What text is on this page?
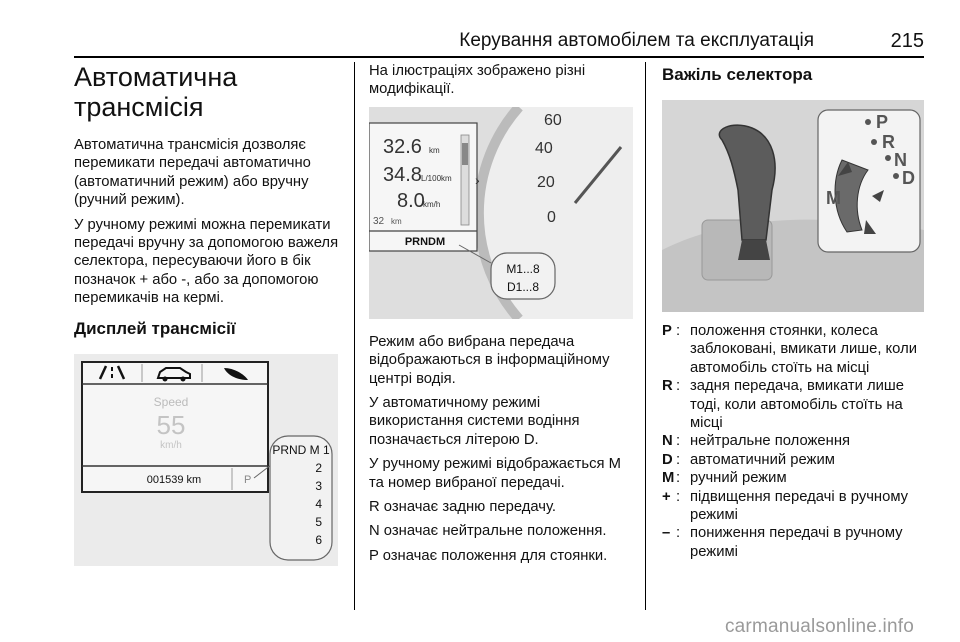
Керування автомобілем та експлуатація	215
Автоматична трансмісія

Автоматична трансмісія дозволяє перемикати передачі автоматично (автоматичний режим) або вручну (ручний режим).

У ручному режимі можна перемикати передачі вручну за допомогою важеля селектора, пересуваючи його в бік позначок + або -, або за допомогою перемикачів на кермі.

Дисплей трансмісії
Speed
55
km/h
001539 km	P
PRND M 1
2
3
4
5
6

На ілюстраціях зображено різні модифікації.

0
20
40
60
32.6 km
34.8 L/100km
8.0
km/h
32 km
›
PRNDM
M1...8
D1...8

Режим або вибрана передача відображаються в інформаційному центрі водія.

У автоматичному режимі використання системи водіння позначається літерою D.

У ручному режимі відображається M та номер вибраної передачі.

R означає задню передачу.

N означає нейтральне положення.

P означає положення для стоянки.

Важіль селектора
P
R
N
D
M
P : положення стоянки, колеса заблоковані, вмикати лише, коли автомобіль стоїть на місці
R : задня передача, вмикати лише тоді, коли автомобіль стоїть на місці
N : нейтральне положення
D : автоматичний режим
M : ручний режим
+ : підвищення передачі в ручному режимі
– : пониження передачі в ручному режимі
carmanualsonline.info
